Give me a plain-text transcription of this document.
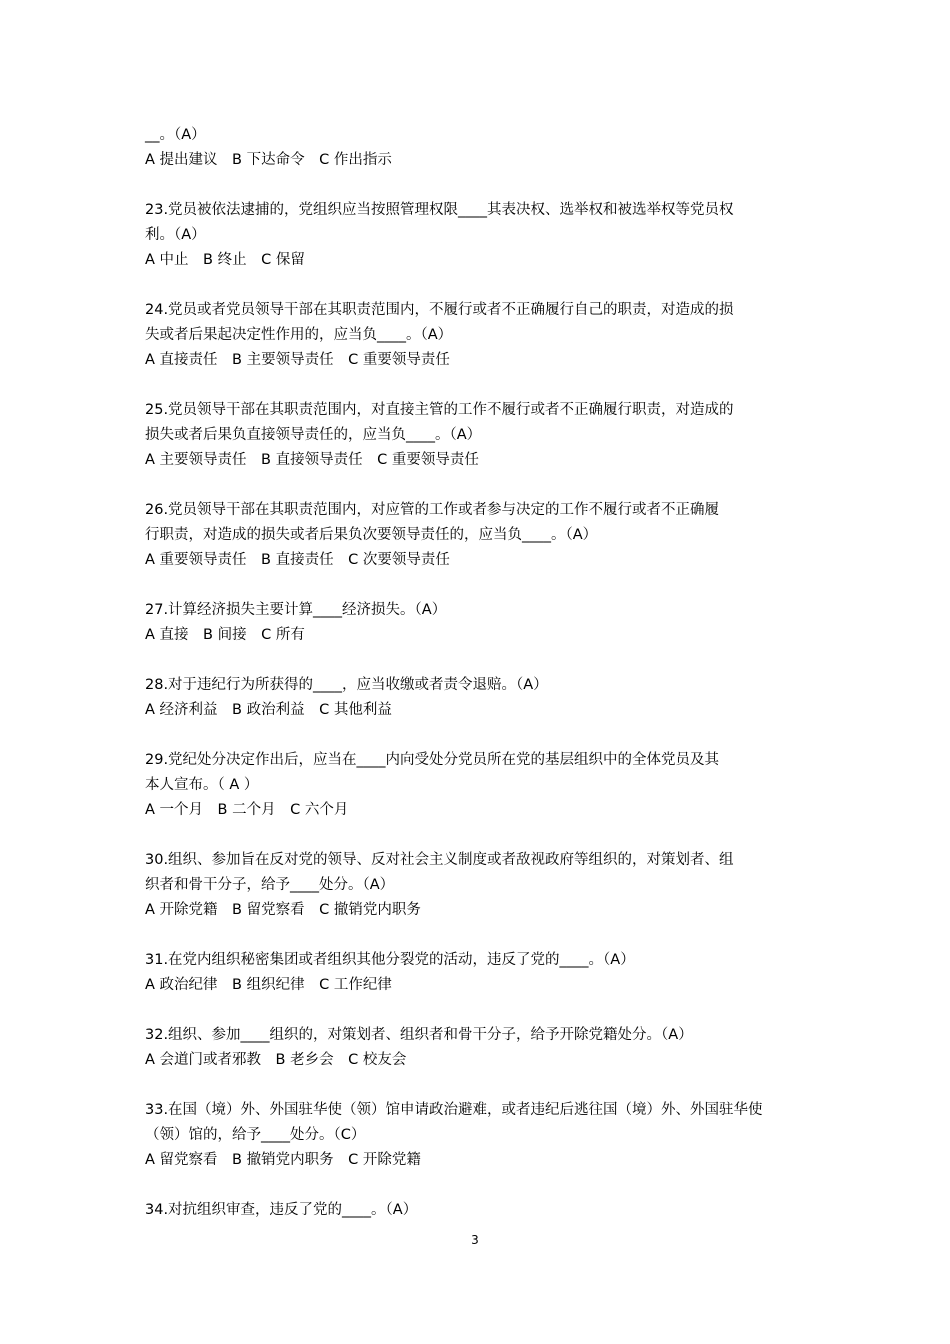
__。（A）
A 提出建议　B 下达命令　C 作出指示
23.党员被依法逮捕的，党组织应当按照管理权限____其表决权、选举权和被选举权等党员权
利。（A）
A 中止　B 终止　C 保留
24.党员或者党员领导干部在其职责范围内，不履行或者不正确履行自己的职责，对造成的损
失或者后果起决定性作用的，应当负____。（A）
A 直接责任　B 主要领导责任　C 重要领导责任
25.党员领导干部在其职责范围内，对直接主管的工作不履行或者不正确履行职责，对造成的
损失或者后果负直接领导责任的，应当负____。（A）
A 主要领导责任　B 直接领导责任　C 重要领导责任
26.党员领导干部在其职责范围内，对应管的工作或者参与决定的工作不履行或者不正确履
行职责，对造成的损失或者后果负次要领导责任的，应当负____。（A）
A 重要领导责任　B 直接责任　C 次要领导责任
27.计算经济损失主要计算____经济损失。（A）
A 直接　B 间接　C 所有
28.对于违纪行为所获得的____，应当收缴或者责令退赔。（A）
A 经济利益　B 政治利益　C 其他利益
29.党纪处分决定作出后，应当在____内向受处分党员所在党的基层组织中的全体党员及其
本人宣布。（ A ）
A 一个月　B 二个月　C 六个月
30.组织、参加旨在反对党的领导、反对社会主义制度或者敌视政府等组织的，对策划者、组
织者和骨干分子，给予____处分。（A）
A 开除党籍　B 留党察看　C 撤销党内职务
31.在党内组织秘密集团或者组织其他分裂党的活动，违反了党的____。（A）
A 政治纪律　B 组织纪律　C 工作纪律
32.组织、参加____组织的，对策划者、组织者和骨干分子，给予开除党籍处分。（A）
A 会道门或者邪教　B 老乡会　C 校友会
33.在国（境）外、外国驻华使（领）馆申请政治避难，或者违纪后逃往国（境）外、外国驻华使
（领）馆的，给予____处分。（C）
A 留党察看　B 撤销党内职务　C 开除党籍
34.对抗组织审查，违反了党的____。（A）
3
